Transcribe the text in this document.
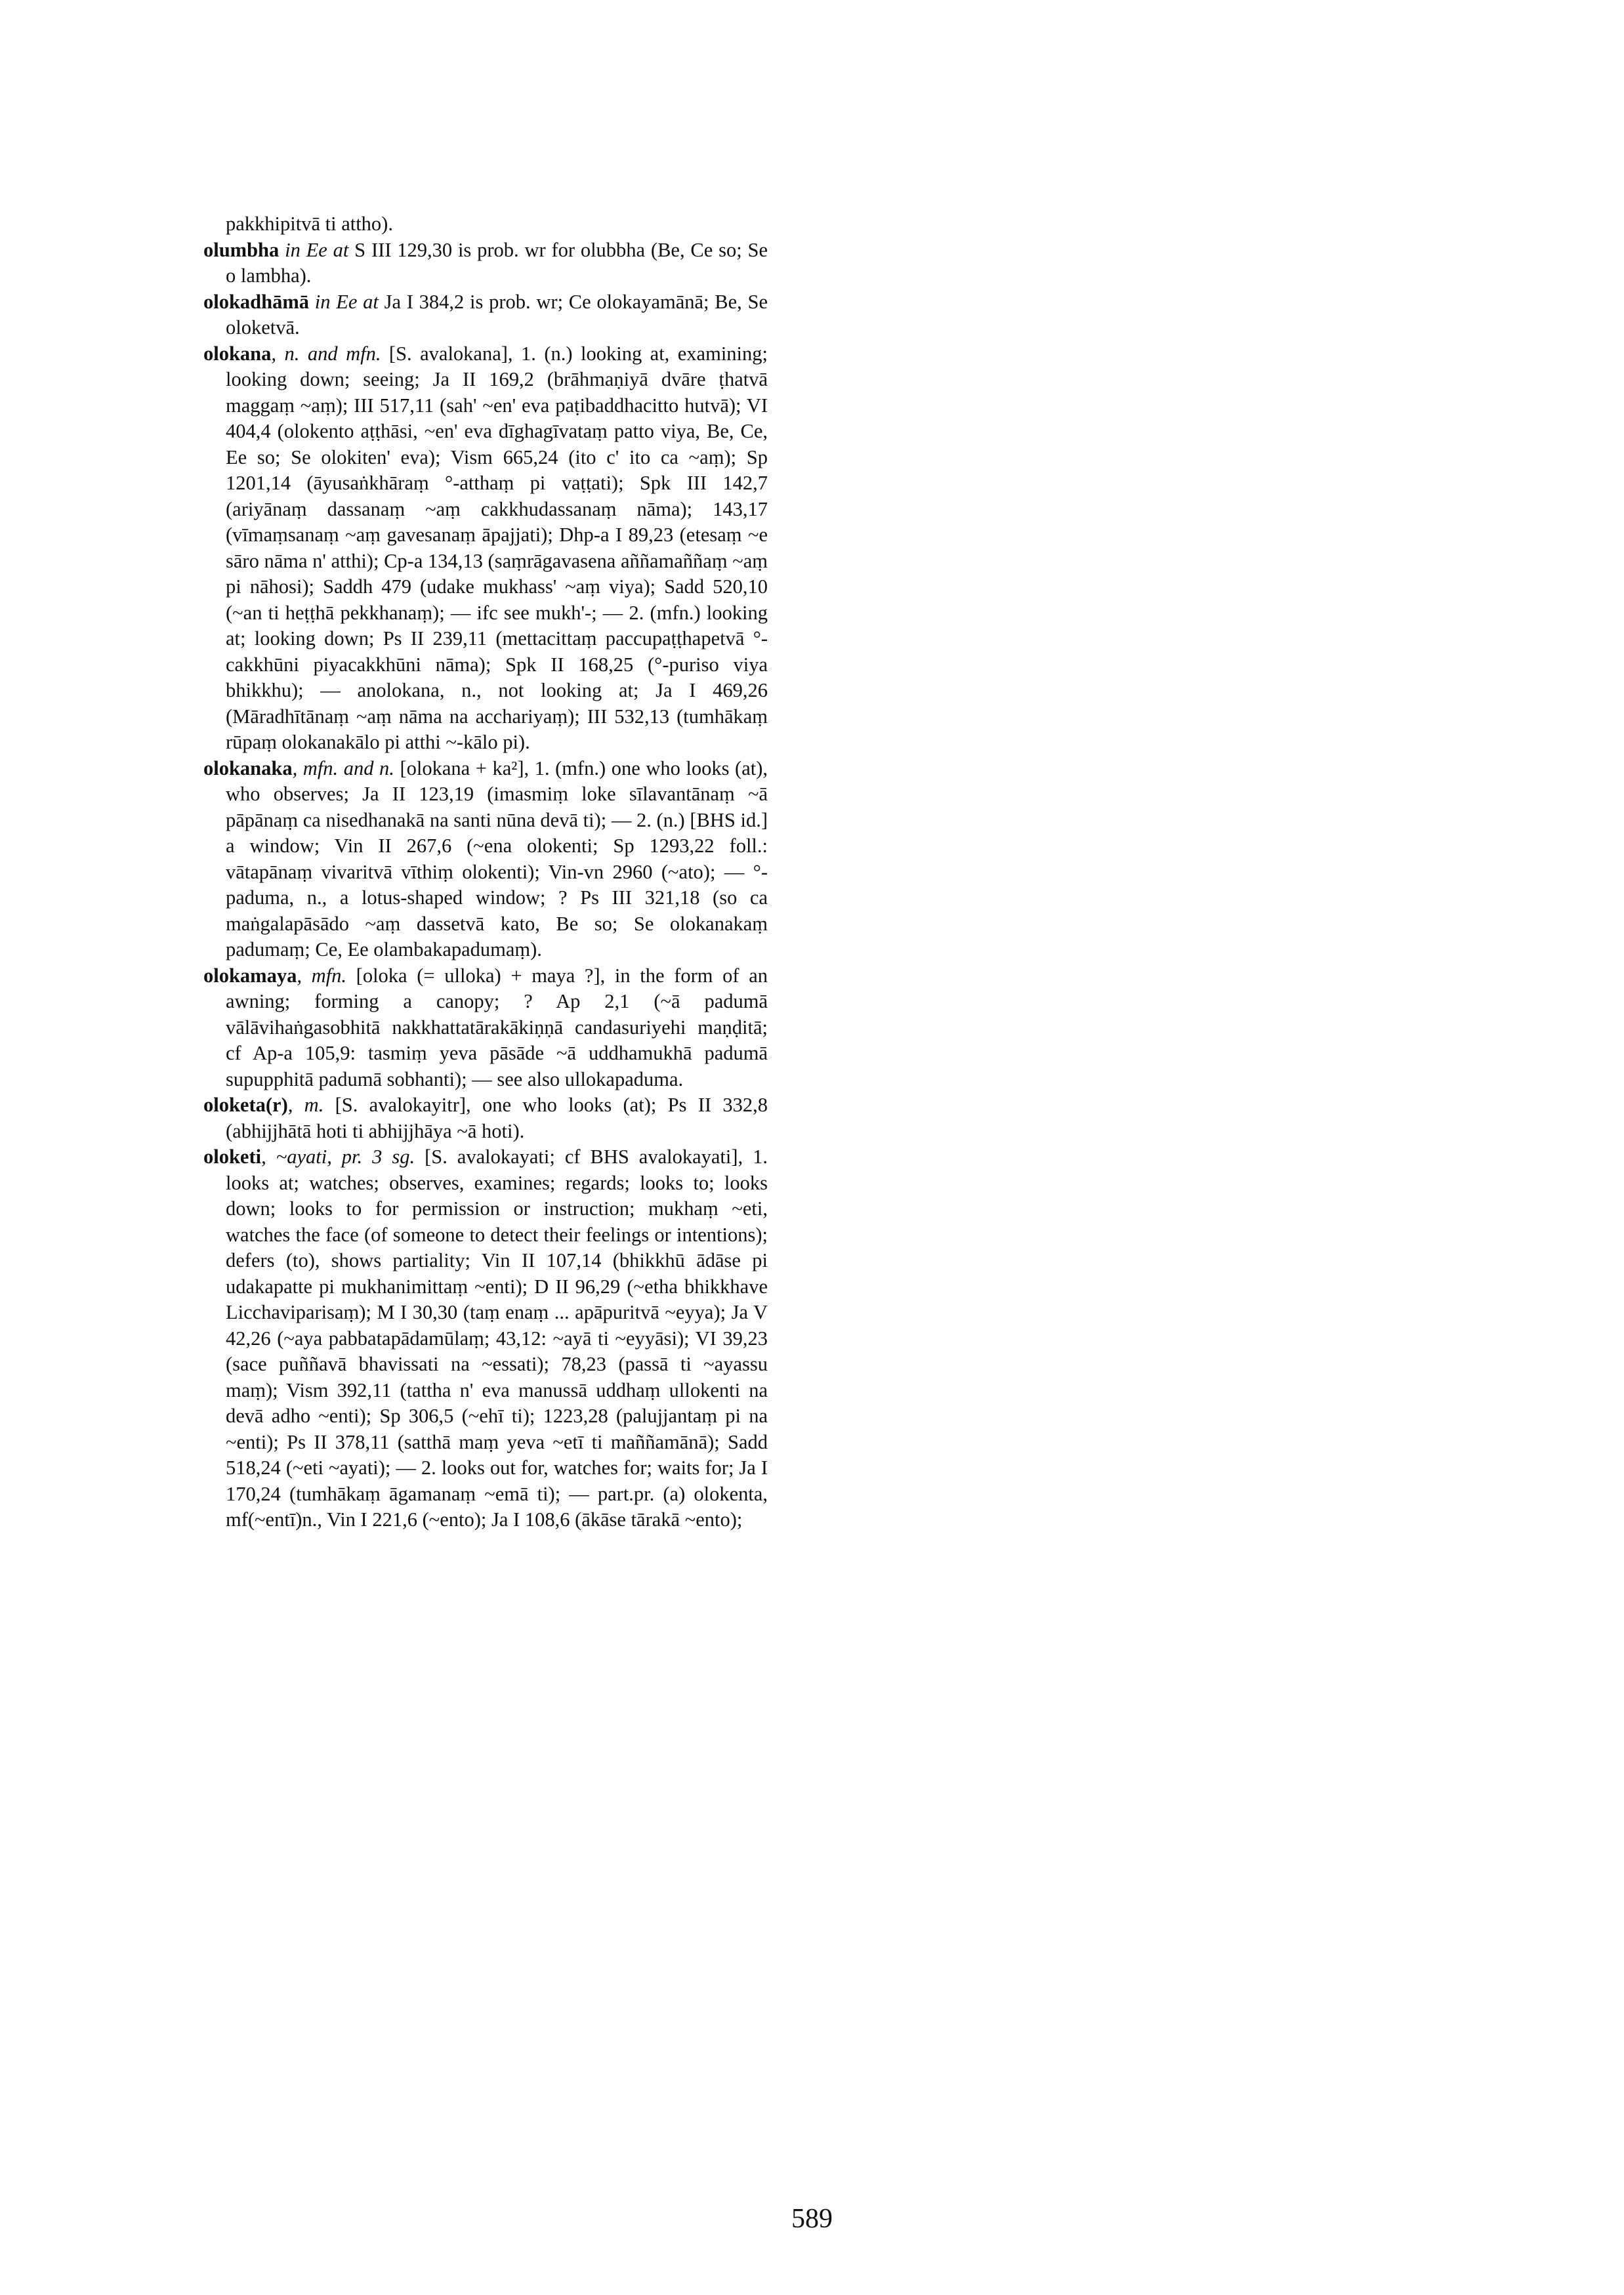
pakkhipitvā ti attho).

olumbha in Ee at S III 129,30 is prob. wr for olubbha (Be, Ce so; Se o lambha).

olokadhāmā in Ee at Ja I 384,2 is prob. wr; Ce olokayamānā; Be, Se oloketvā.

olokana, n. and mfn. [S. avalokana], 1. (n.) looking at, examining; looking down; seeing; Ja II 169,2 (brāhmaṇiyā dvāre ṭhatvā maggaṃ ~aṃ); III 517,11 (sah' ~en' eva paṭibaddhacitto hutvā); VI 404,4 (olokento aṭṭhāsi, ~en' eva dīghagīvataṃ patto viya, Be, Ce, Ee so; Se olokiten' eva); Vism 665,24 (ito c' ito ca ~aṃ); Sp 1201,14 (āyusaṅkhāraṃ °-atthaṃ pi vaṭṭati); Spk III 142,7 (ariyānaṃ dassanaṃ ~aṃ cakkhudassanaṃ nāma); 143,17 (vīmaṃsanaṃ ~aṃ gavesanaṃ āpajjati); Dhp-a I 89,23 (etesaṃ ~e sāro nāma n' atthi); Cp-a 134,13 (saṃrāgavasena aññamaññaṃ ~aṃ pi nāhosi); Saddh 479 (udake mukhass' ~aṃ viya); Sadd 520,10 (~an ti heṭṭhā pekkhanaṃ); — ifc see mukh'-; — 2. (mfn.) looking at; looking down; Ps II 239,11 (mettacittaṃ paccupaṭṭhapetvā °-cakkhūni piyacakkhūni nāma); Spk II 168,25 (°-puriso viya bhikkhu); — anolokana, n., not looking at; Ja I 469,26 (Māradhītānaṃ ~aṃ nāma na acchariyaṃ); III 532,13 (tumhākaṃ rūpaṃ olokanakālo pi atthi ~-kālo pi).

olokanaka, mfn. and n. [olokana + ka²], 1. (mfn.) one who looks (at), who observes; Ja II 123,19 (imasmiṃ loke sīlavantānaṃ ~ā pāpānaṃ ca nisedhanakā na santi nūna devā ti); — 2. (n.) [BHS id.] a window; Vin II 267,6 (~ena olokenti; Sp 1293,22 foll.: vātapānaṃ vivaritvā vīthiṃ olokenti); Vin-vn 2960 (~ato); — °-paduma, n., a lotus-shaped window; ? Ps III 321,18 (so ca maṅgalapāsādo ~aṃ dassetvā kato, Be so; Se olokanakaṃ padumaṃ; Ce, Ee olambakapadumaṃ).

olokamaya, mfn. [oloka (= ulloka) + maya ?], in the form of an awning; forming a canopy; ? Ap 2,1 (~ā padumā vālāvihaṅgasobhitā nakkhattatārakākiṇṇā candasuriyehi maṇḍitā; cf Ap-a 105,9: tasmiṃ yeva pāsāde ~ā uddhamukhā padumā supupphitā padumā sobhanti); — see also ullokapaduma.

oloketa(r), m. [S. avalokayitr], one who looks (at); Ps II 332,8 (abhijjhātā hoti ti abhijjhāya ~ā hoti).

oloketi, ~ayati, pr. 3 sg. [S. avalokayati; cf BHS avalokayati], 1. looks at; watches; observes, examines; regards; looks to; looks down; looks to for permission or instruction; mukhaṃ ~eti, watches the face (of someone to detect their feelings or intentions); defers (to), shows partiality; Vin II 107,14 (bhikkhū ādāse pi udakapatte pi mukhanimittaṃ ~enti); D II 96,29 (~etha bhikkhave Licchaviparisaṃ); M I 30,30 (taṃ enaṃ ... apāpuritvā ~eyya); Ja V 42,26 (~aya pabbatapādamūlaṃ; 43,12: ~ayā ti ~eyyāsi); VI 39,23 (sace puññavā bhavissati na ~essati); 78,23 (passā ti ~ayassu maṃ); Vism 392,11 (tattha n' eva manussā uddhaṃ ullokenti na devā adho ~enti); Sp 306,5 (~ehī ti); 1223,28 (palujjantaṃ pi na ~enti); Ps II 378,11 (satthā maṃ yeva ~etī ti maññamānā); Sadd 518,24 (~eti ~ayati); — 2. looks out for, watches for; waits for; Ja I 170,24 (tumhākaṃ āgamanaṃ ~emā ti); — part.pr. (a) olokenta, mf(~entī)n., Vin I 221,6 (~ento); Ja I 108,6 (ākāse tārakā ~ento);

589
